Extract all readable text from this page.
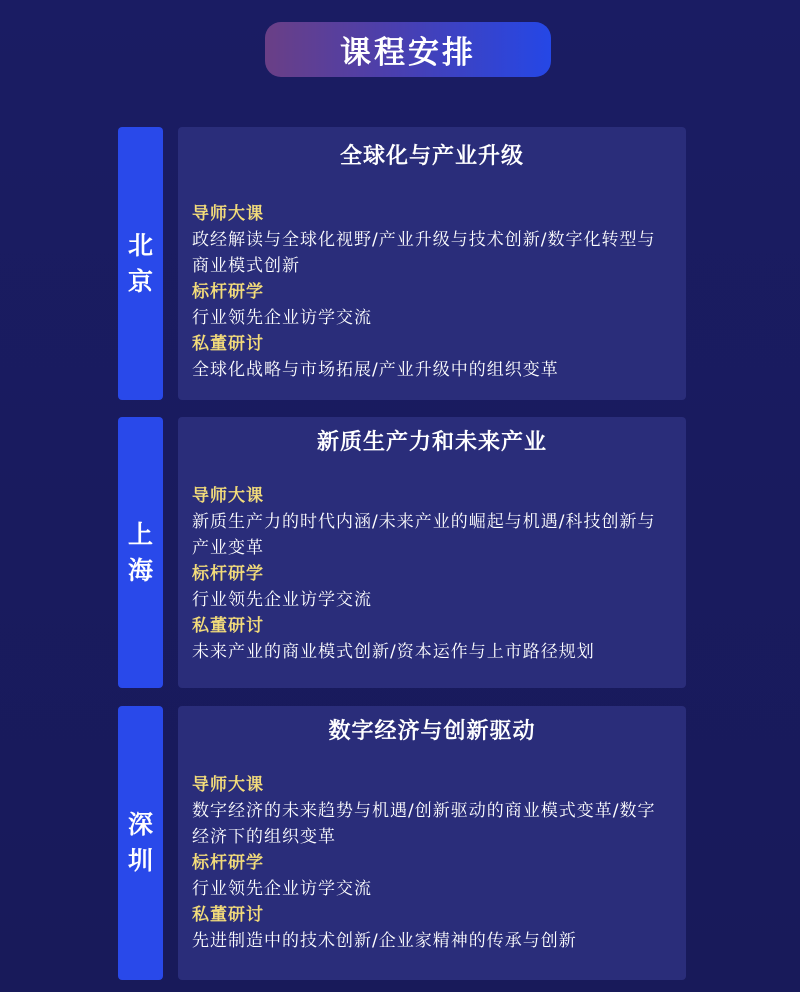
课程安排
北
京
全球化与产业升级
导师大课
政经解读与全球化视野/产业升级与技术创新/数字化转型与商业模式创新
标杆研学
行业领先企业访学交流
私董研讨
全球化战略与市场拓展/产业升级中的组织变革
上
海
新质生产力和未来产业
导师大课
新质生产力的时代内涵/未来产业的崛起与机遇/科技创新与产业变革
标杆研学
行业领先企业访学交流
私董研讨
未来产业的商业模式创新/资本运作与上市路径规划
深
圳
数字经济与创新驱动
导师大课
数字经济的未来趋势与机遇/创新驱动的商业模式变革/数字经济下的组织变革
标杆研学
行业领先企业访学交流
私董研讨
先进制造中的技术创新/企业家精神的传承与创新
